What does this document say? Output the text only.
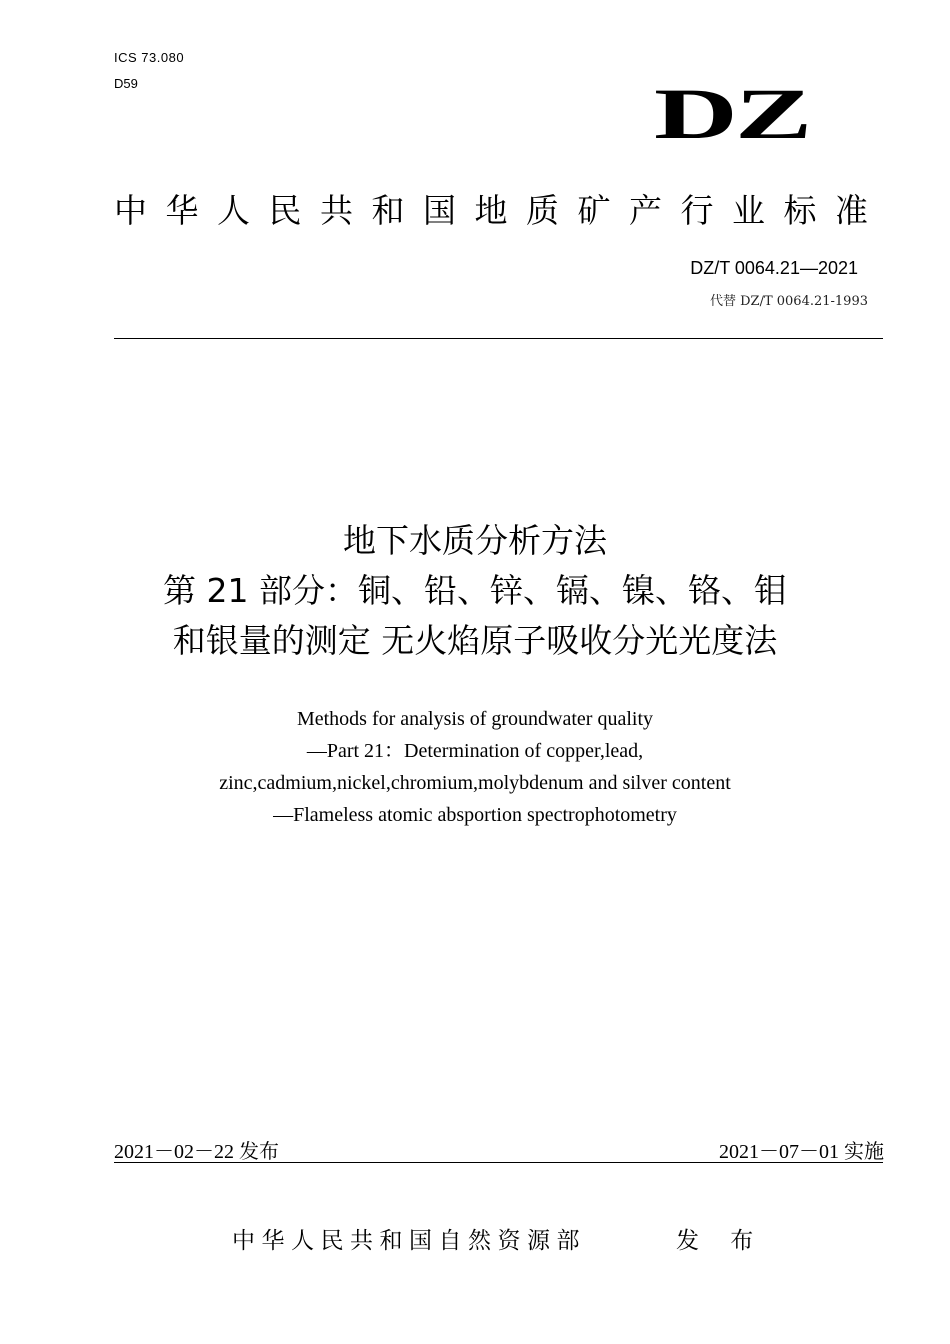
ICS 73.080
D59	DZ
中华人民共和国地质矿产行业标准
DZ/T 0064.21—2021
代替 DZ/T 0064.21-1993
地下水质分析方法
第 21 部分：铜、铅、锌、镉、镍、铬、钼
和银量的测定 无火焰原子吸收分光光度法
Methods for analysis of groundwater quality
—Part 21：Determination of copper,lead,
zinc,cadmium,nickel,chromium,molybdenum and silver content
—Flameless atomic absportion spectrophotometry
2021－02－22 发布	2021－07－01 实施
中华人民共和国自然资源部	发 布
